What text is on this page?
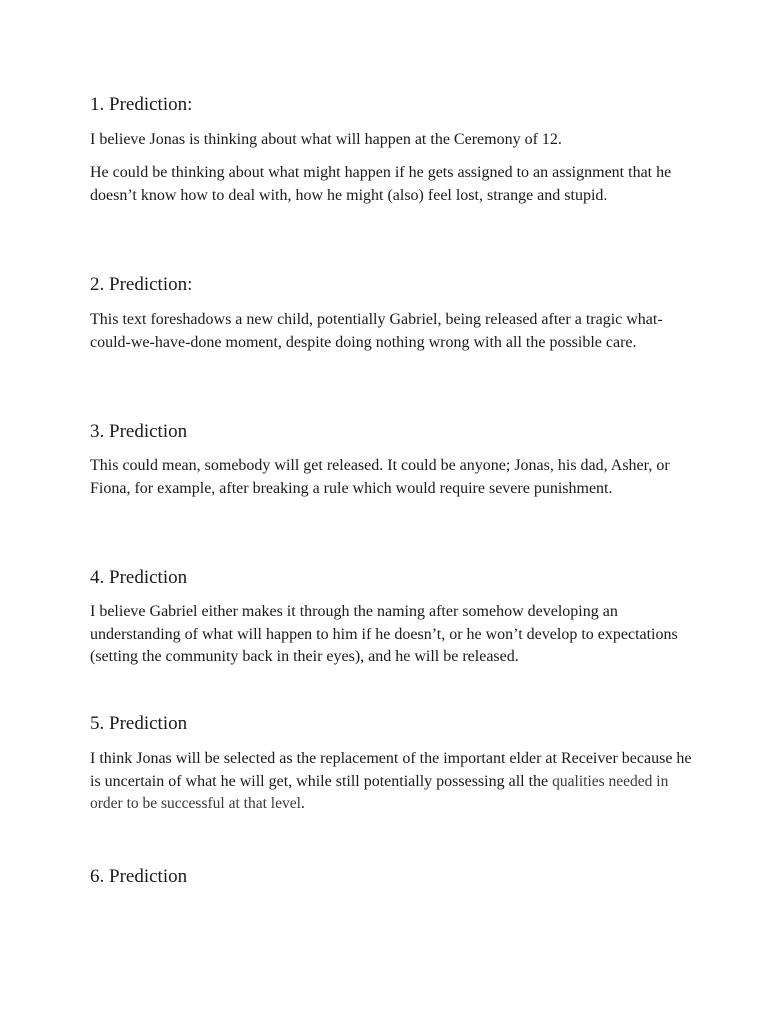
1. Prediction:

I believe Jonas is thinking about what will happen at the Ceremony of 12.

He could be thinking about what might happen if he gets assigned to an assignment that he doesn’t know how to deal with, how he might (also) feel lost, strange and stupid.

2. Prediction:

This text foreshadows a new child, potentially Gabriel, being released after a tragic what-could-we-have-done moment, despite doing nothing wrong with all the possible care.

3. Prediction

This could mean, somebody will get released. It could be anyone; Jonas, his dad, Asher, or Fiona, for example, after breaking a rule which would require severe punishment.

4. Prediction

I believe Gabriel either makes it through the naming after somehow developing an understanding of what will happen to him if he doesn’t, or he won’t develop to expectations (setting the community back in their eyes), and he will be released.

5. Prediction

I think Jonas will be selected as the replacement of the important elder at Receiver because he is uncertain of what he will get, while still potentially possessing all the qualities needed in order to be successful at that level.

6. Prediction
